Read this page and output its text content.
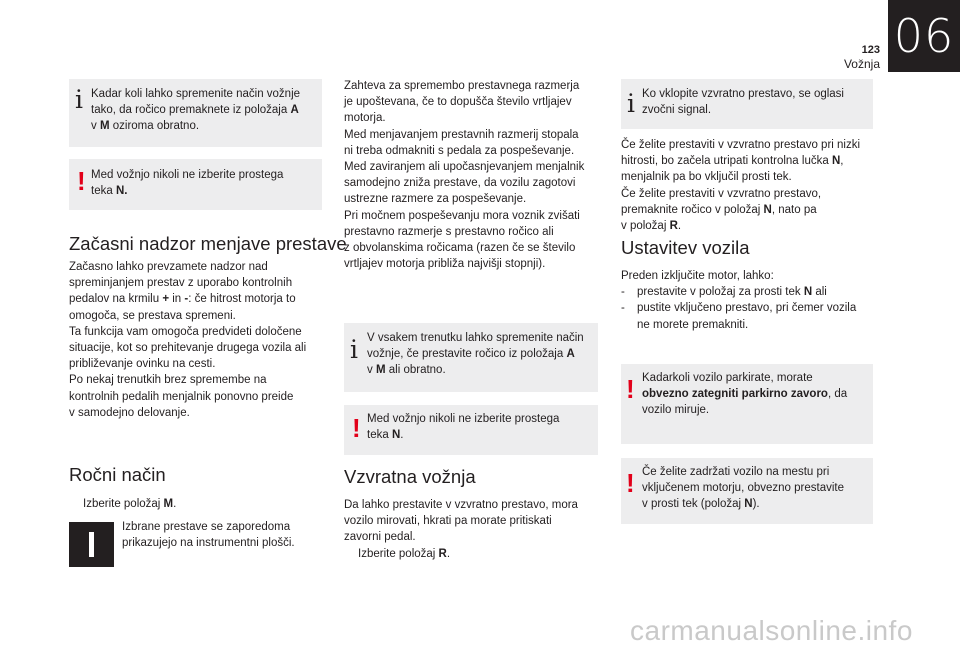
123
Vožnja
06
i Kadar koli lahko spremenite način vožnje
tako, da ročico premaknete iz položaja A
v M oziroma obratno.
! Med vožnjo nikoli ne izberite prostega
teka N.
Začasni nadzor menjave prestave
Začasno lahko prevzamete nadzor nad
spreminjanjem prestav z uporabo kontrolnih
pedalov na krmilu + in -: če hitrost motorja to
omogoča, se prestava spremeni.
Ta funkcija vam omogoča predvideti določene
situacije, kot so prehitevanje drugega vozila ali
približevanje ovinku na cesti.
Po nekaj trenutkih brez spremembe na
kontrolnih pedalih menjalnik ponovno preide
v samodejno delovanje.
Ročni način
Izberite položaj M.
Izbrane prestave se zaporedoma
prikazujejo na instrumentni plošči.
Zahteva za spremembo prestavnega razmerja
je upoštevana, če to dopušča število vrtljajev
motorja.
Med menjavanjem prestavnih razmerij stopala
ni treba odmakniti s pedala za pospeševanje.
Med zaviranjem ali upočasnjevanjem menjalnik
samodejno zniža prestave, da vozilu zagotovi
ustrezne razmere za pospeševanje.
Pri močnem pospeševanju mora voznik zvišati
prestavno razmerje s prestavno ročico ali
z obvolanskima ročicama (razen če se število
vrtljajev motorja približa najvišji stopnji).
i V vsakem trenutku lahko spremenite način
vožnje, če prestavite ročico iz položaja A
v M ali obratno.
! Med vožnjo nikoli ne izberite prostega
teka N.
Vzvratna vožnja
Da lahko prestavite v vzvratno prestavo, mora
vozilo mirovati, hkrati pa morate pritiskati
zavorni pedal.
Izberite položaj R.
i Ko vklopite vzvratno prestavo, se oglasi
zvočni signal.
Če želite prestaviti v vzvratno prestavo pri nizki
hitrosti, bo začela utripati kontrolna lučka N,
menjalnik pa bo vključil prosti tek.
Če želite prestaviti v vzvratno prestavo,
premaknite ročico v položaj N, nato pa
v položaj R.
Ustavitev vozila
Preden izključite motor, lahko:
- prestavite v položaj za prosti tek N ali
- pustite vključeno prestavo, pri čemer vozila
ne morete premakniti.
! Kadarkoli vozilo parkirate, morate
obvezno zategniti parkirno zavoro, da
vozilo miruje.
! Če želite zadržati vozilo na mestu pri
vključenem motorju, obvezno prestavite
v prosti tek (položaj N).
carmanualsonline.info
